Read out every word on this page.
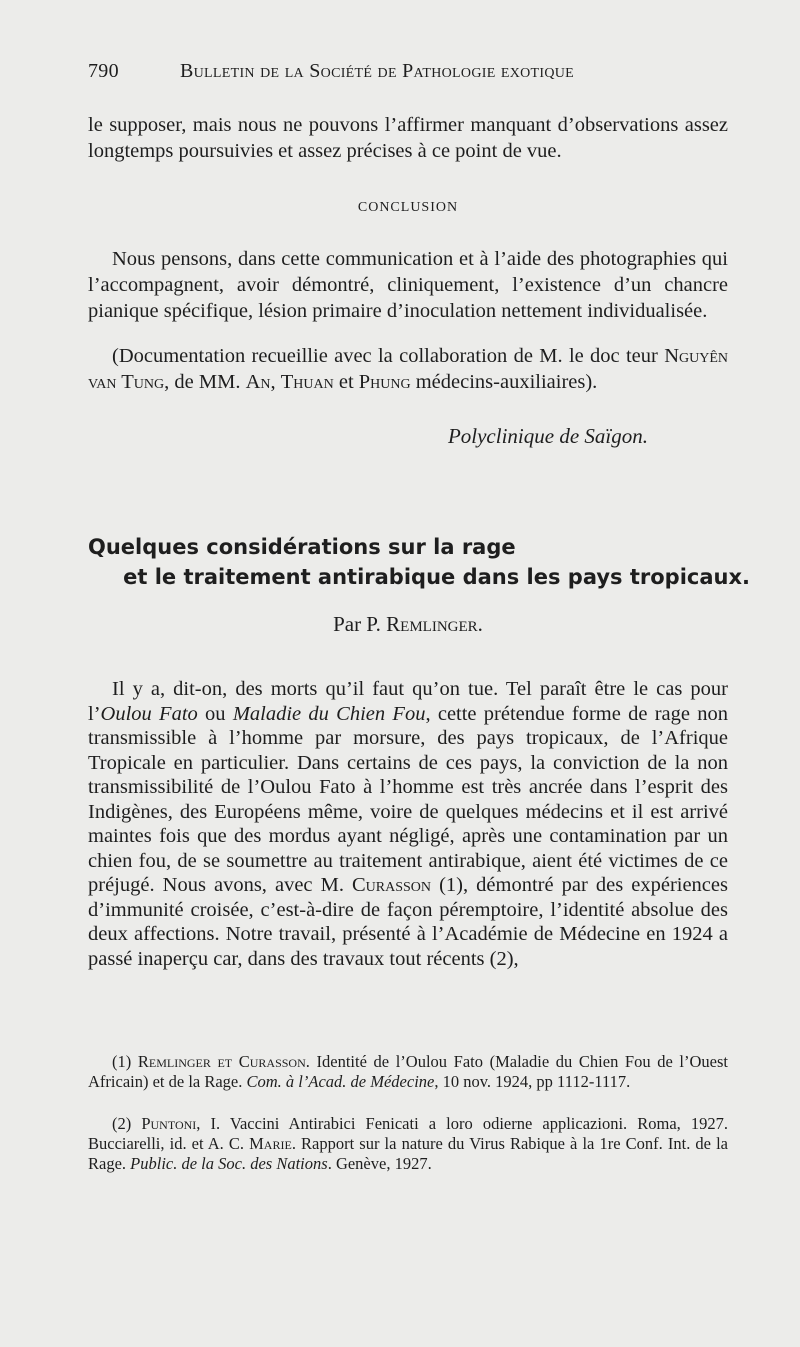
790	Bulletin de la Société de Pathologie exotique
le supposer, mais nous ne pouvons l’affirmer manquant d’observations assez longtemps poursuivies et assez précises à ce point de vue.
CONCLUSION
Nous pensons, dans cette communication et à l’aide des photographies qui l’accompagnent, avoir démontré, cliniquement, l’existence d’un chancre pianique spécifique, lésion primaire d’inoculation nettement individualisée.
(Documentation recueillie avec la collaboration de M. le doc teur Nguyên van Tung, de MM. An, Thuan et Phung médecins-auxiliaires).
Polyclinique de Saïgon.
Quelques considérations sur la rage
et le traitement antirabique dans les pays tropicaux.
Par P. Remlinger.
Il y a, dit-on, des morts qu’il faut qu’on tue. Tel paraît être le cas pour l’Oulou Fato ou Maladie du Chien Fou, cette prétendue forme de rage non transmissible à l’homme par morsure, des pays tropicaux, de l’Afrique Tropicale en particulier. Dans certains de ces pays, la conviction de la non transmissibilité de l’Oulou Fato à l’homme est très ancrée dans l’esprit des Indigènes, des Européens même, voire de quelques médecins et il est arrivé maintes fois que des mordus ayant négligé, après une contamination par un chien fou, de se soumettre au traitement antirabique, aient été victimes de ce préjugé. Nous avons, avec M. Curasson (1), démontré par des expériences d’immunité croisée, c’est-à-dire de façon péremptoire, l’identité absolue des deux affections. Notre travail, présenté à l’Académie de Médecine en 1924 a passé inaperçu car, dans des travaux tout récents (2),
(1) Remlinger et Curasson. Identité de l’Oulou Fato (Maladie du Chien Fou de l’Ouest Africain) et de la Rage. Com. à l’Acad. de Médecine, 10 nov. 1924, pp 1112-1117.
(2) Puntoni, I. Vaccini Antirabici Fenicati a loro odierne applicazioni. Roma, 1927. Bucciarelli, id. et A. C. Marie. Rapport sur la nature du Virus Rabique à la 1re Conf. Int. de la Rage. Public. de la Soc. des Nations. Genève, 1927.
